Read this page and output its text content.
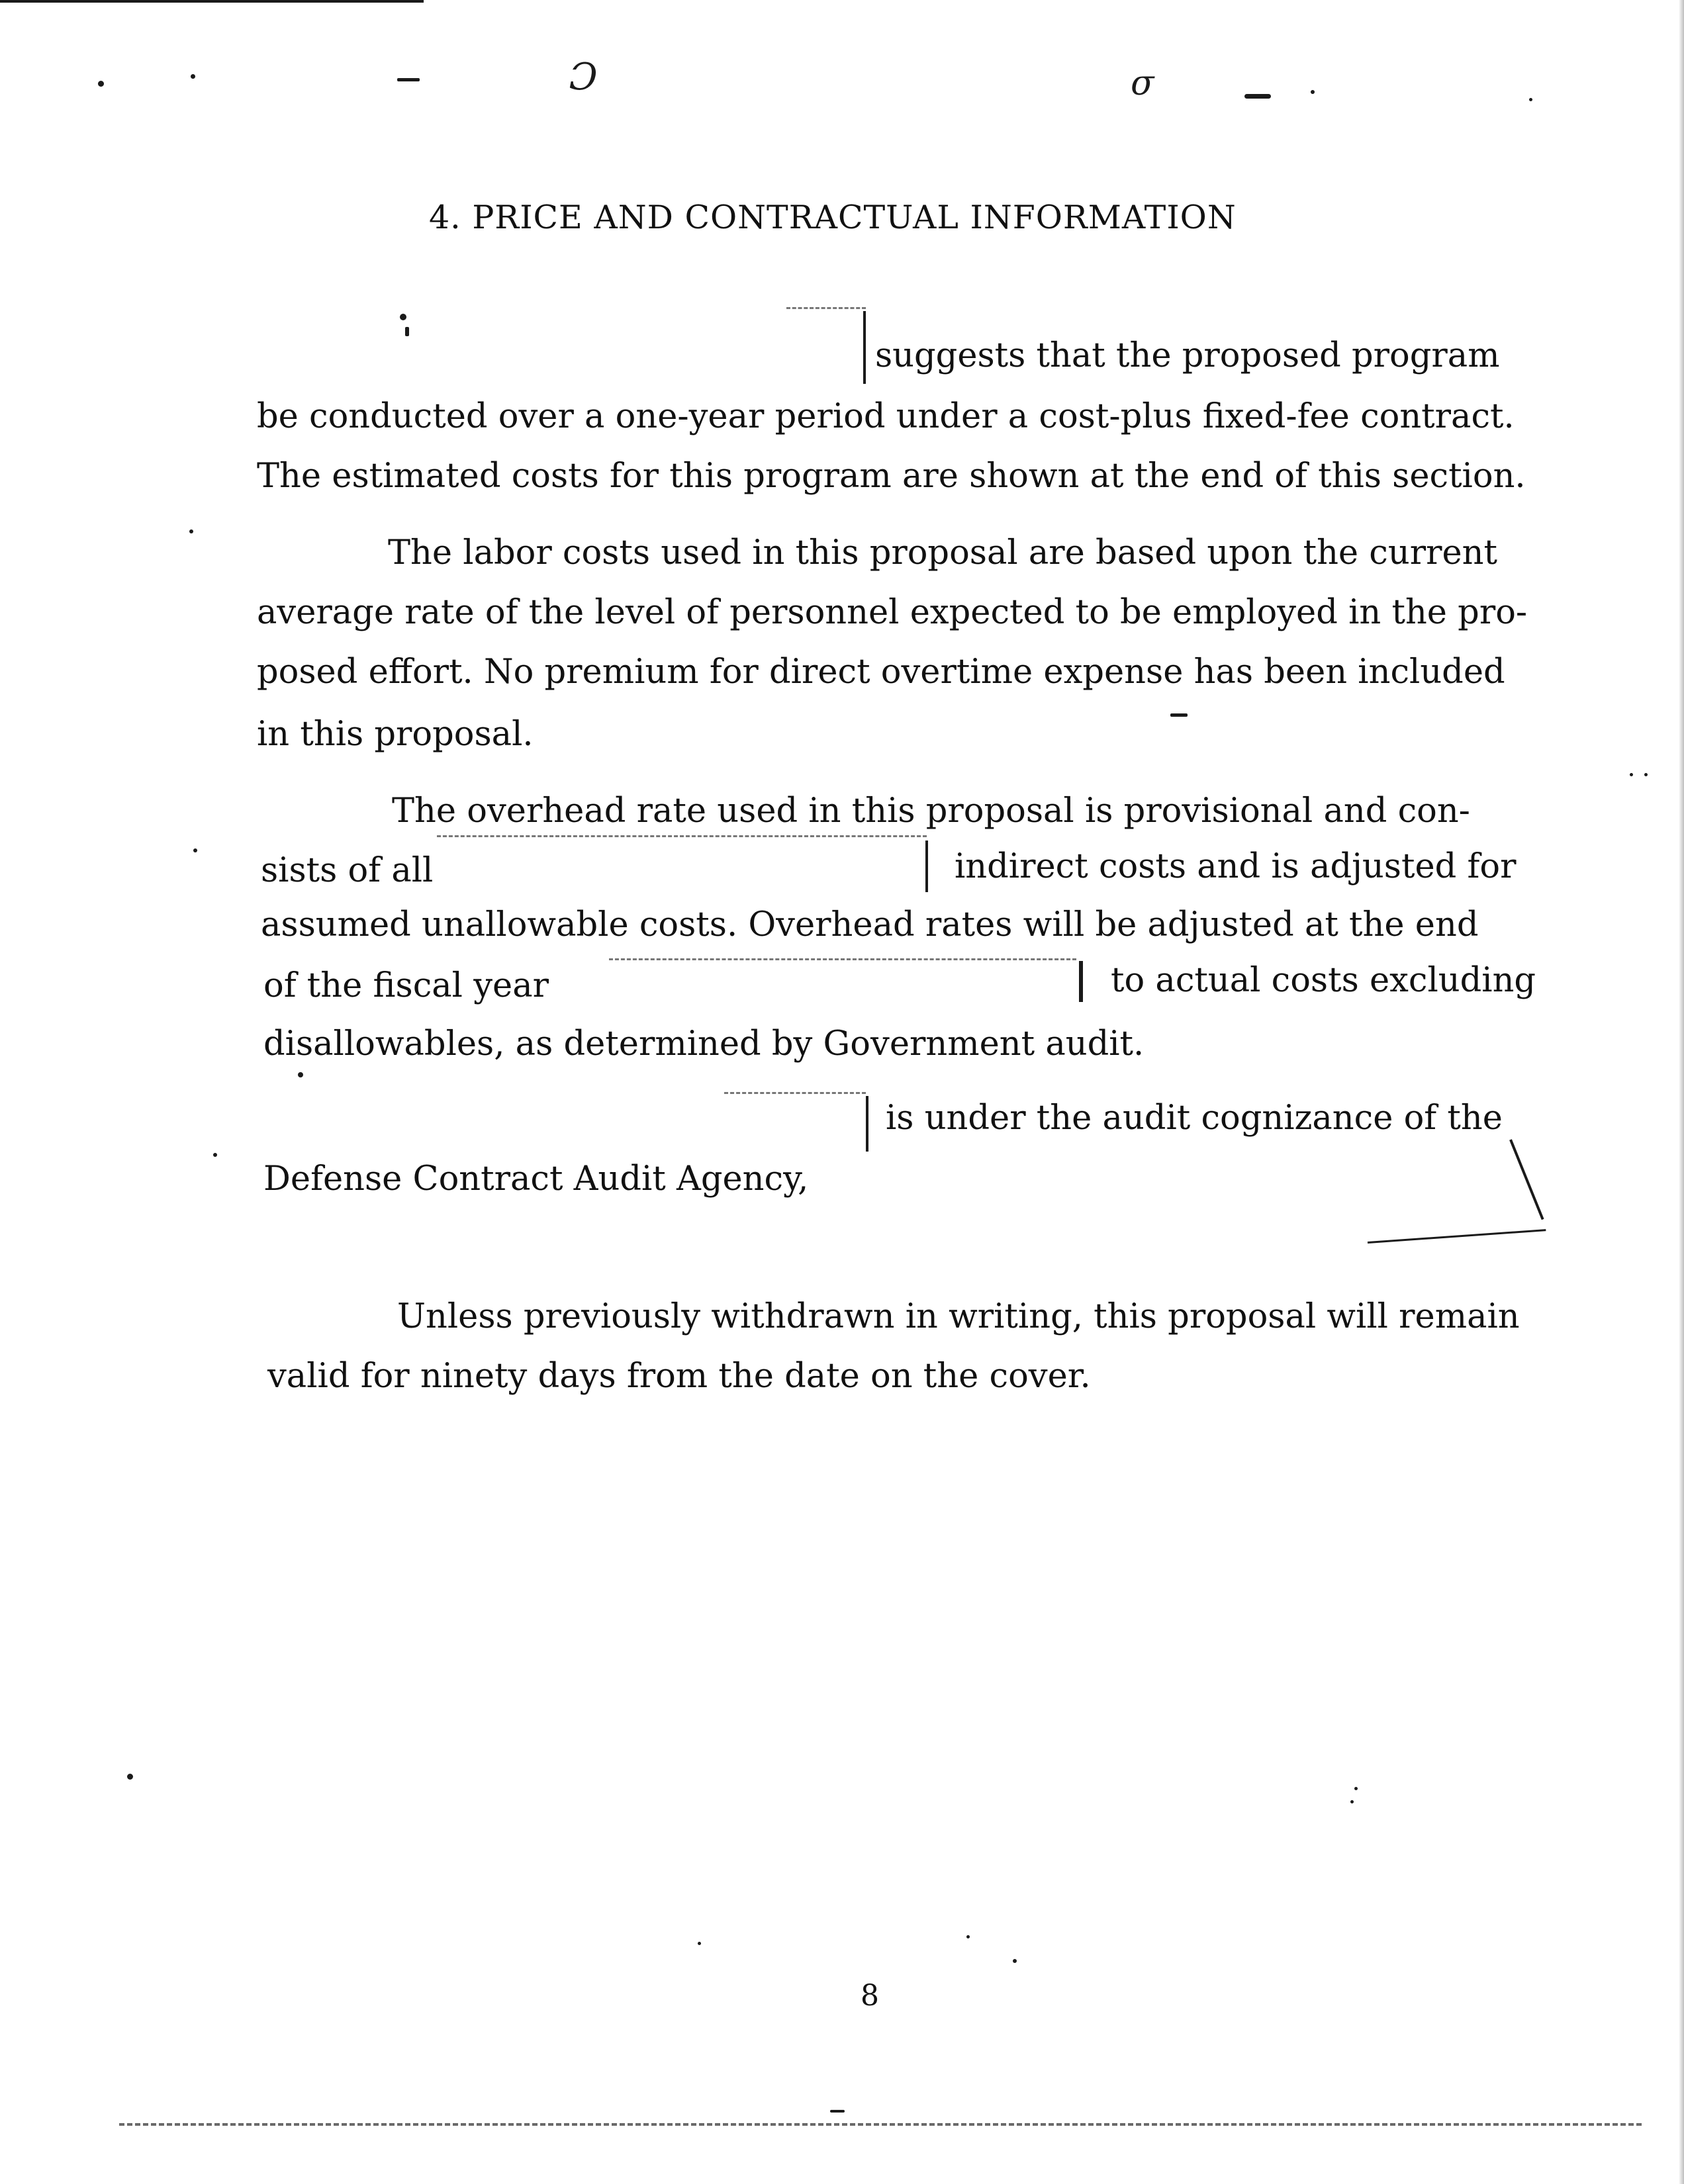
Ɔ	σ
4. PRICE AND CONTRACTUAL INFORMATION
suggests that the proposed program
be conducted over a one-year period under a cost-plus fixed-fee contract.
The estimated costs for this program are shown at the end of this section.
The labor costs used in this proposal are based upon the current
average rate of the level of personnel expected to be employed in the pro-
posed effort. No premium for direct overtime expense has been included
in this proposal.
The overhead rate used in this proposal is provisional and con-
sists of all	indirect costs and is adjusted for
assumed unallowable costs. Overhead rates will be adjusted at the end
of the fiscal year	to actual costs excluding
disallowables, as determined by Government audit.
is under the audit cognizance of the
Defense Contract Audit Agency,
Unless previously withdrawn in writing, this proposal will remain
valid for ninety days from the date on the cover.
8
